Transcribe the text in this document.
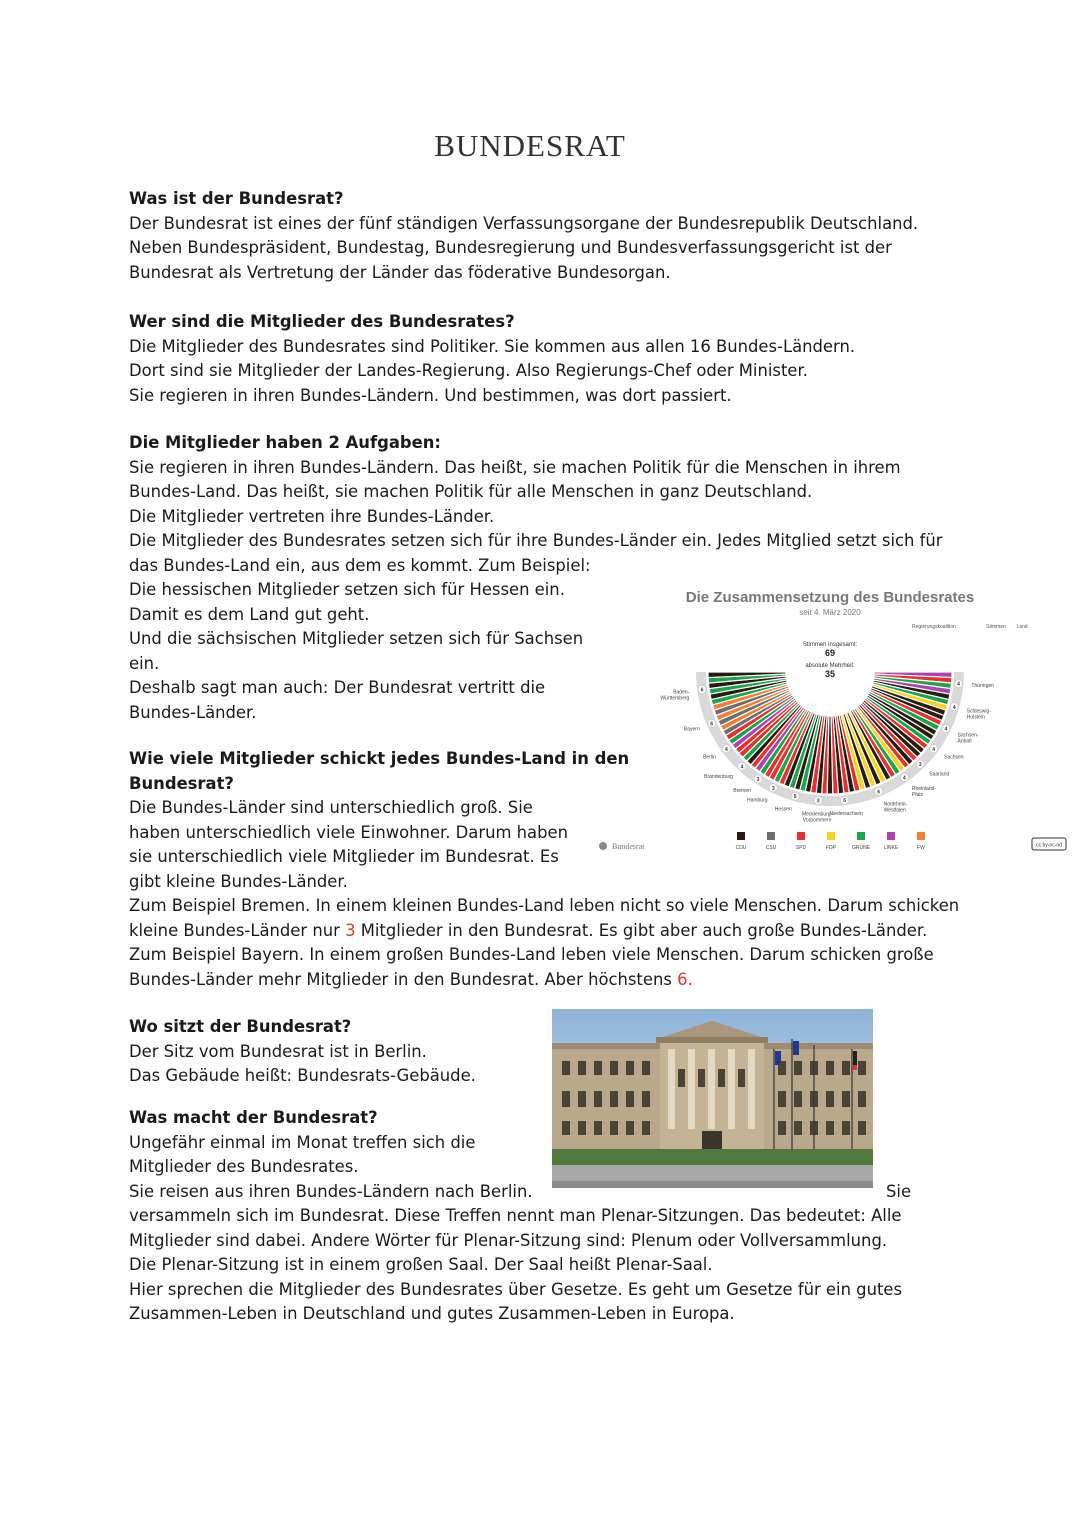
BUNDESRAT
Was ist der Bundesrat?

Der Bundesrat ist eines der fünf ständigen Verfassungsorgane der Bundesrepublik Deutschland.

Neben Bundespräsident, Bundestag, Bundesregierung und Bundesverfassungsgericht ist der

Bundesrat als Vertretung der Länder das föderative Bundesorgan.

Wer sind die Mitglieder des Bundesrates?

Die Mitglieder des Bundesrates sind Politiker. Sie kommen aus allen 16 Bundes-Ländern.

Dort sind sie Mitglieder der Landes-Regierung. Also Regierungs-Chef oder Minister.

Sie regieren in ihren Bundes-Ländern. Und bestimmen, was dort passiert.

Die Mitglieder haben 2 Aufgaben:

Sie regieren in ihren Bundes-Ländern. Das heißt, sie machen Politik für die Menschen in ihrem

Bundes-Land. Das heißt, sie machen Politik für alle Menschen in ganz Deutschland.

Die Mitglieder vertreten ihre Bundes-Länder.

Die Mitglieder des Bundesrates setzen sich für ihre Bundes-Länder ein. Jedes Mitglied setzt sich für

das Bundes-Land ein, aus dem es kommt. Zum Beispiel:

Die hessischen Mitglieder setzen sich für Hessen ein.

Damit es dem Land gut geht.

Und die sächsischen Mitglieder setzen sich für Sachsen

ein.

Deshalb sagt man auch: Der Bundesrat vertritt die

Bundes-Länder.

Wie viele Mitglieder schickt jedes Bundes-Land in den
Bundesrat?

Die Bundes-Länder sind unterschiedlich groß. Sie

haben unterschiedlich viele Einwohner. Darum haben

sie unterschiedlich viele Mitglieder im Bundesrat. Es

gibt kleine Bundes-Länder.

Zum Beispiel Bremen. In einem kleinen Bundes-Land leben nicht so viele Menschen. Darum schicken

kleine Bundes-Länder nur 3 Mitglieder in den Bundesrat. Es gibt aber auch große Bundes-Länder.

Zum Beispiel Bayern. In einem großen Bundes-Land leben viele Menschen. Darum schicken große

Bundes-Länder mehr Mitglieder in den Bundesrat. Aber höchstens 6.

Wo sitzt der Bundesrat?

Der Sitz vom Bundesrat ist in Berlin.

Das Gebäude heißt: Bundesrats-Gebäude.

Was macht der Bundesrat?

Ungefähr einmal im Monat treffen sich die

Mitglieder des Bundesrates.

Sie reisen aus ihren Bundes-Ländern nach Berlin.	Sie

versammeln sich im Bundesrat. Diese Treffen nennt man Plenar-Sitzungen. Das bedeutet: Alle

Mitglieder sind dabei. Andere Wörter für Plenar-Sitzung sind: Plenum oder Vollversammlung.

Die Plenar-Sitzung ist in einem großen Saal. Der Saal heißt Plenar-Saal.

Hier sprechen die Mitglieder des Bundesrates über Gesetze. Es geht um Gesetze für ein gutes

Zusammen-Leben in Deutschland und gutes Zusammen-Leben in Europa.

Die Zusammensetzung des Bundesrates
seit 4. März 2020
Regierungskoalition	Stimmen Land
6
Baden-Württemberg
6
Bayern
4
Berlin
4
Brandenburg
3
Bremen	3
Hamburg
5
Hessen
3
Mecklenburg-Vorpommern
6
Niedersachsen
6
Nordrhein-Westfalen
4
Rheinland-Pfalz
3
Saarland
4
Sachsen
4
Sachsen-Anhalt
4
Schleswig-Holstein
4 Thüringen
Stimmen insgesamt:
69
absolute Mehrheit:
35
Bundesrat	CDU	CSU	SPD	FDP	GRÜNE	LINKE	FW	cc by-nc-nd
